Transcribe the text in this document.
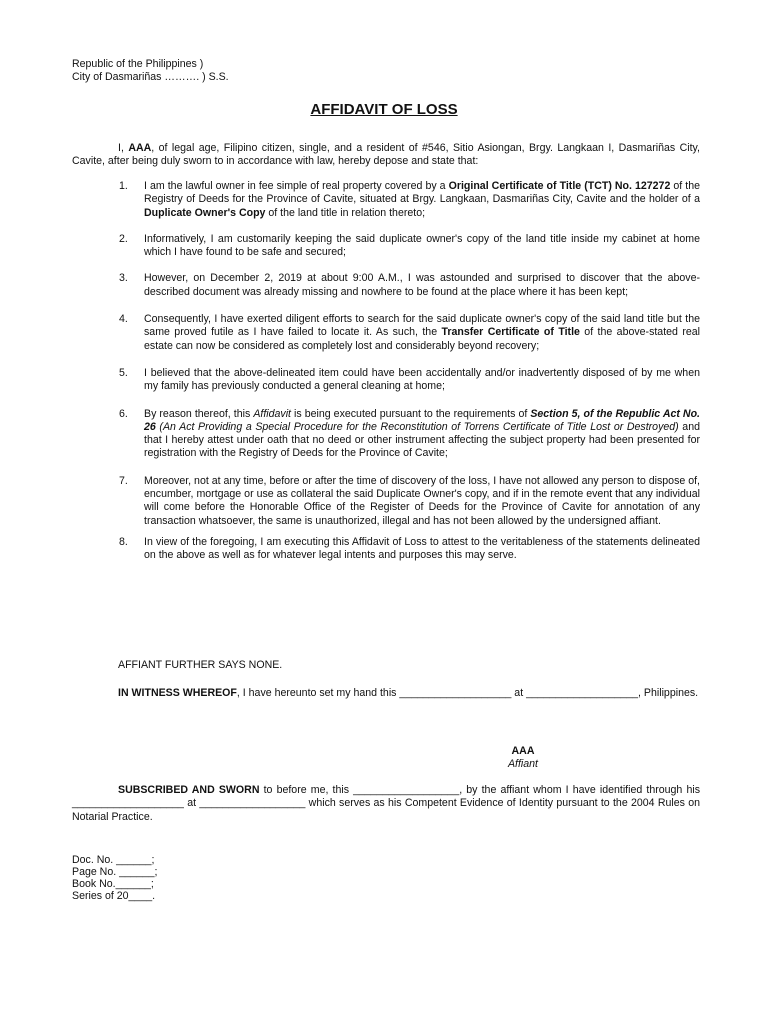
Republic of the Philippines )
City of Dasmariñas ………. ) S.S.
AFFIDAVIT OF LOSS
I, AAA, of legal age, Filipino citizen, single, and a resident of #546, Sitio Asiongan, Brgy. Langkaan I, Dasmariñas City, Cavite, after being duly sworn to in accordance with law, hereby depose and state that:
1. I am the lawful owner in fee simple of real property covered by a Original Certificate of Title (TCT) No. 127272 of the Registry of Deeds for the Province of Cavite, situated at Brgy. Langkaan, Dasmariñas City, Cavite and the holder of a Duplicate Owner's Copy of the land title in relation thereto;
2. Informatively, I am customarily keeping the said duplicate owner's copy of the land title inside my cabinet at home which I have found to be safe and secured;
3. However, on December 2, 2019 at about 9:00 A.M., I was astounded and surprised to discover that the above-described document was already missing and nowhere to be found at the place where it has been kept;
4. Consequently, I have exerted diligent efforts to search for the said duplicate owner's copy of the said land title but the same proved futile as I have failed to locate it. As such, the Transfer Certificate of Title of the above-stated real estate can now be considered as completely lost and considerably beyond recovery;
5. I believed that the above-delineated item could have been accidentally and/or inadvertently disposed of by me when my family has previously conducted a general cleaning at home;
6. By reason thereof, this Affidavit is being executed pursuant to the requirements of Section 5, of the Republic Act No. 26 (An Act Providing a Special Procedure for the Reconstitution of Torrens Certificate of Title Lost or Destroyed) and that I hereby attest under oath that no deed or other instrument affecting the subject property had been presented for registration with the Registry of Deeds for the Province of Cavite;
7. Moreover, not at any time, before or after the time of discovery of the loss, I have not allowed any person to dispose of, encumber, mortgage or use as collateral the said Duplicate Owner's copy, and if in the remote event that any individual will come before the Honorable Office of the Register of Deeds for the Province of Cavite for annotation of any transaction whatsoever, the same is unauthorized, illegal and has not been allowed by the undersigned affiant.
8. In view of the foregoing, I am executing this Affidavit of Loss to attest to the veritableness of the statements delineated on the above as well as for whatever legal intents and purposes this may serve.
AFFIANT FURTHER SAYS NONE.
IN WITNESS WHEREOF, I have hereunto set my hand this ___________________ at ___________________, Philippines.
AAA
Affiant
SUBSCRIBED AND SWORN to before me, this __________________, by the affiant whom I have identified through his ___________________ at __________________ which serves as his Competent Evidence of Identity pursuant to the 2004 Rules on Notarial Practice.
Doc. No. ______;
Page No. ______;
Book No.______;
Series of 20____.
